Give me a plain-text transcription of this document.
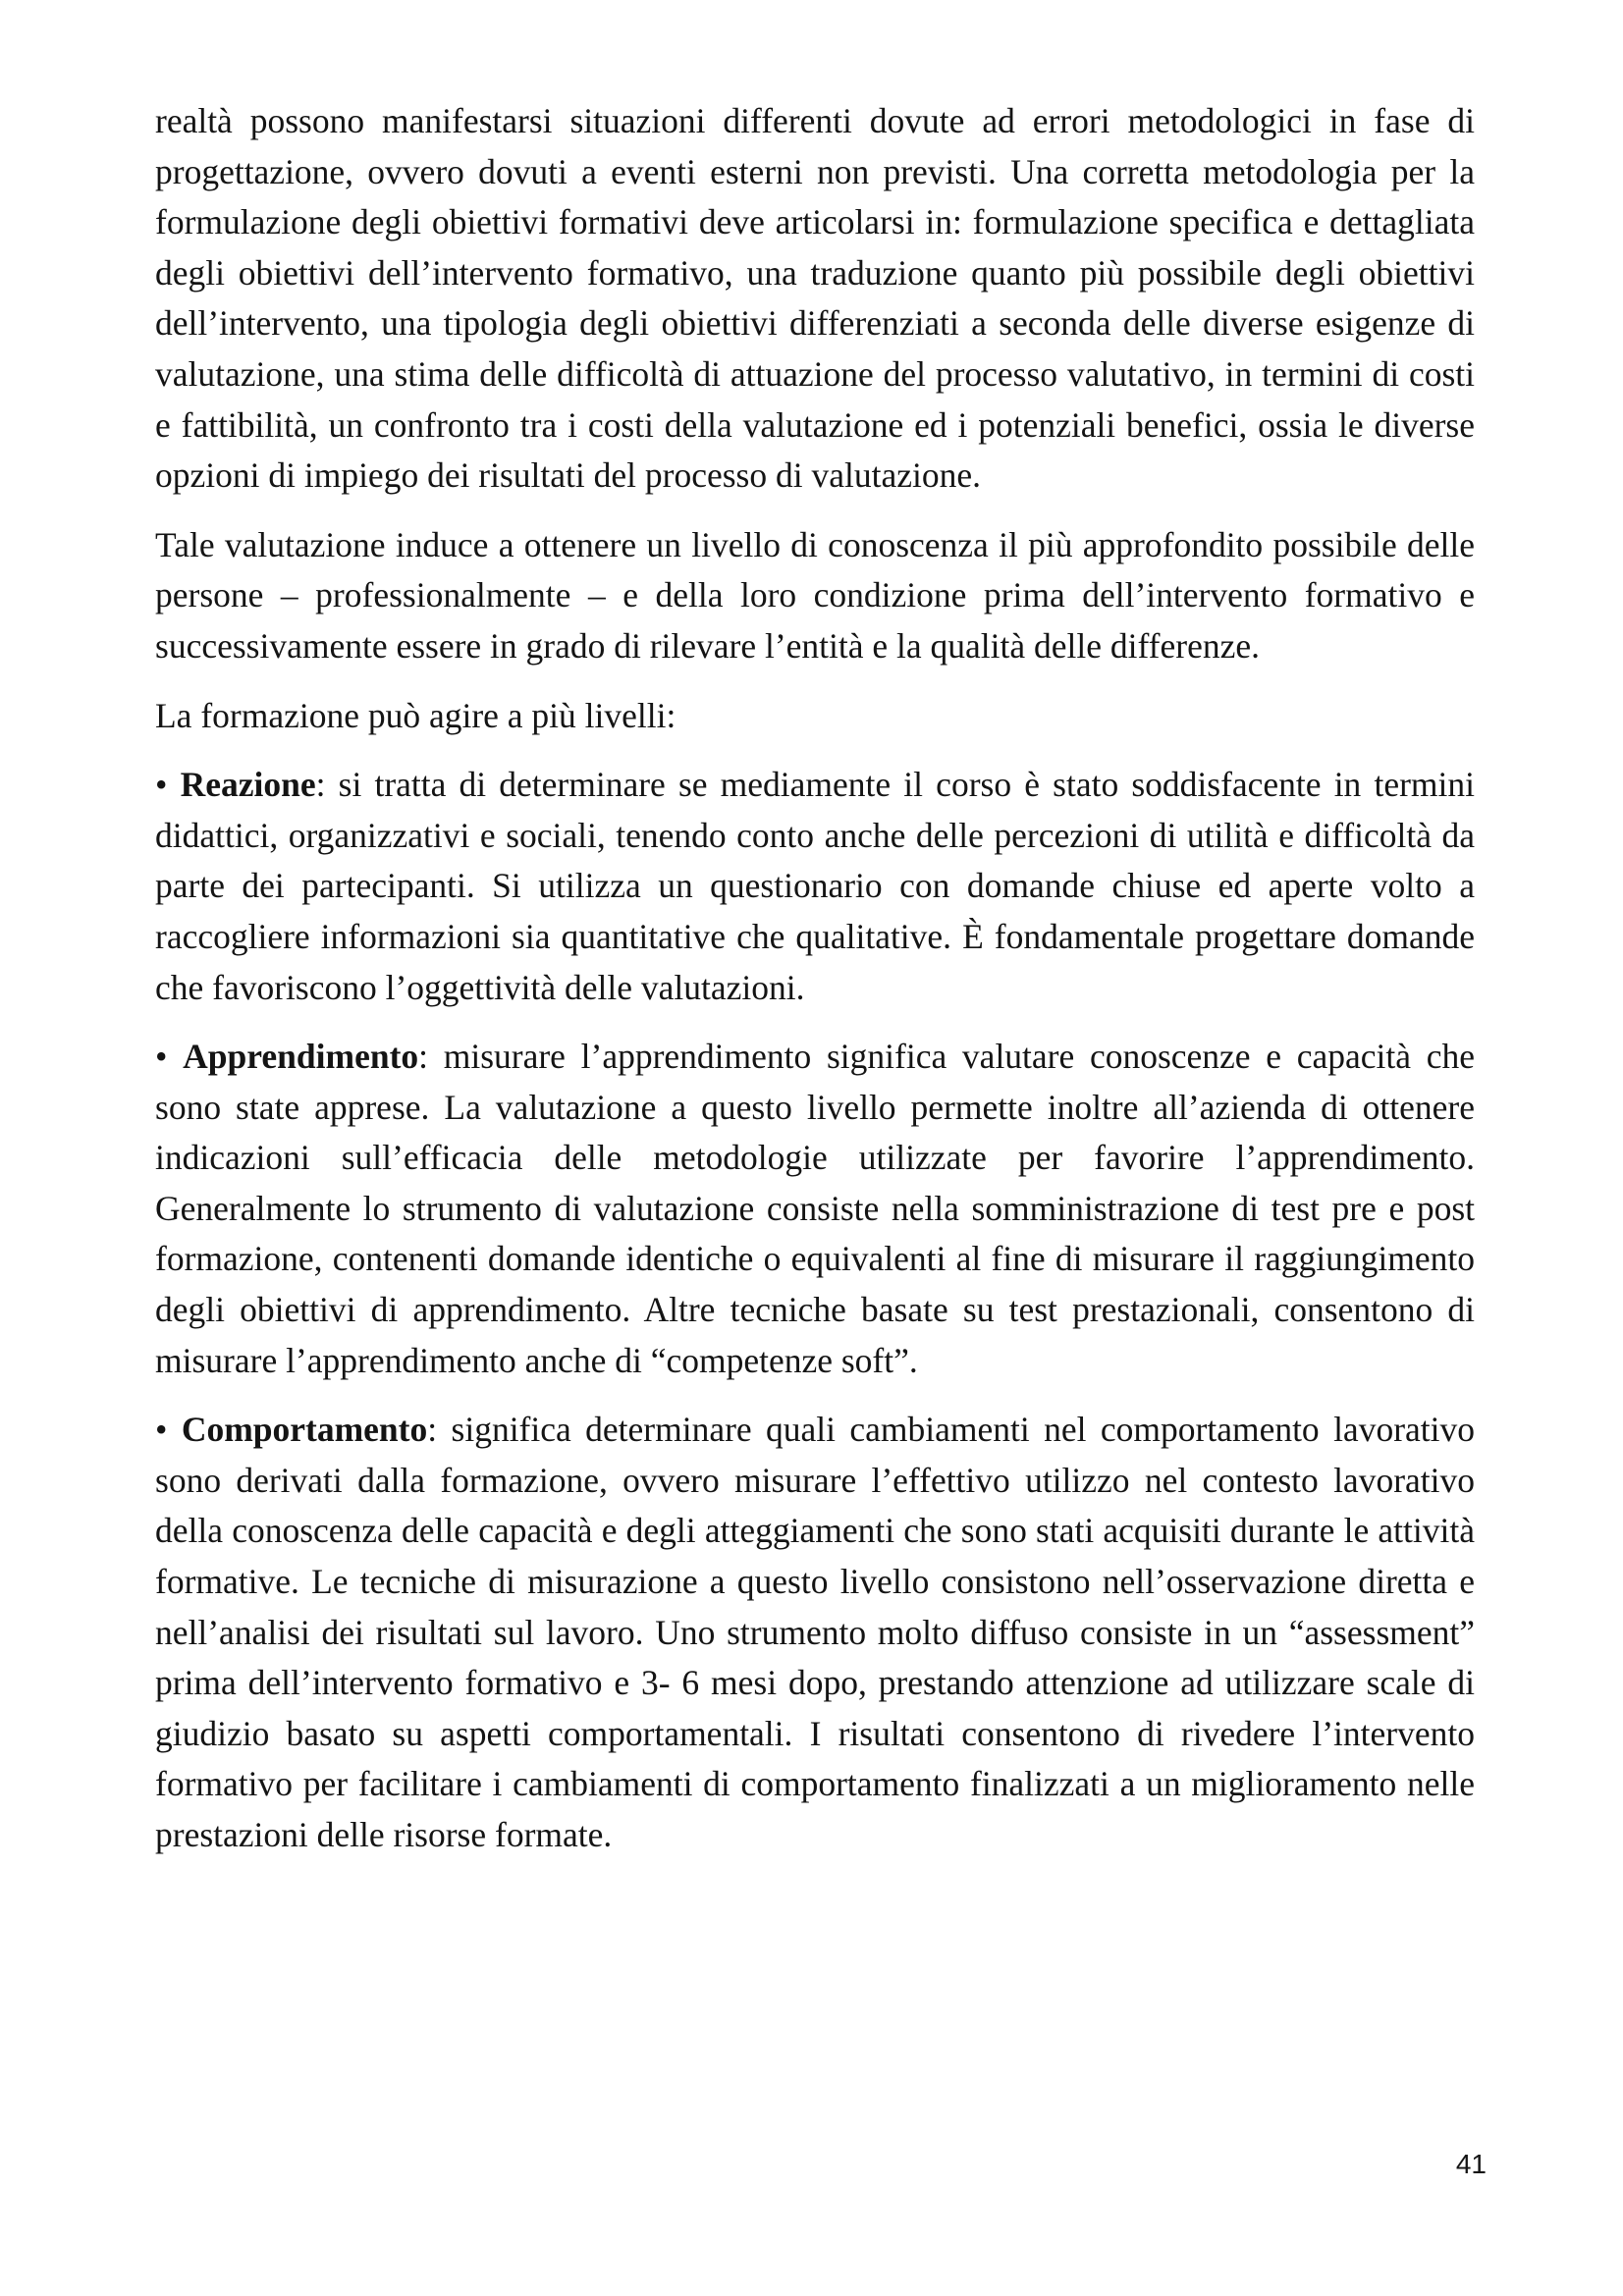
realtà possono manifestarsi situazioni differenti dovute ad errori metodologici in fase di progettazione, ovvero dovuti a eventi esterni non previsti. Una corretta metodologia per la formulazione degli obiettivi formativi deve articolarsi in: formulazione specifica e dettagliata degli obiettivi dell’intervento formativo, una traduzione quanto più possibile degli obiettivi dell’intervento, una tipologia degli obiettivi differenziati a seconda delle diverse esigenze di valutazione, una stima delle difficoltà di attuazione del processo valutativo, in termini di costi e fattibilità, un confronto tra i costi della valutazione ed i potenziali benefici, ossia le diverse opzioni di impiego dei risultati del processo di valutazione.

Tale valutazione induce a ottenere un livello di conoscenza il più approfondito possibile delle persone – professionalmente – e della loro condizione prima dell’intervento formativo e successivamente essere in grado di rilevare l’entità e la qualità delle differenze.

La formazione può agire a più livelli:

• Reazione: si tratta di determinare se mediamente il corso è stato soddisfacente in termini didattici, organizzativi e sociali, tenendo conto anche delle percezioni di utilità e difficoltà da parte dei partecipanti. Si utilizza un questionario con domande chiuse ed aperte volto a raccogliere informazioni sia quantitative che qualitative. È fondamentale progettare domande che favoriscono l’oggettività delle valutazioni.

• Apprendimento: misurare l’apprendimento significa valutare conoscenze e capacità che sono state apprese. La valutazione a questo livello permette inoltre all’azienda di ottenere indicazioni sull’efficacia delle metodologie utilizzate per favorire l’apprendimento. Generalmente lo strumento di valutazione consiste nella somministrazione di test pre e post formazione, contenenti domande identiche o equivalenti al fine di misurare il raggiungimento degli obiettivi di apprendimento. Altre tecniche basate su test prestazionali, consentono di misurare l’apprendimento anche di “competenze soft”.

• Comportamento: significa determinare quali cambiamenti nel comportamento lavorativo sono derivati dalla formazione, ovvero misurare l’effettivo utilizzo nel contesto lavorativo della conoscenza delle capacità e degli atteggiamenti che sono stati acquisiti durante le attività formative. Le tecniche di misurazione a questo livello consistono nell’osservazione diretta e nell’analisi dei risultati sul lavoro. Uno strumento molto diffuso consiste in un “assessment” prima dell’intervento formativo e 3- 6 mesi dopo, prestando attenzione ad utilizzare scale di giudizio basato su aspetti comportamentali. I risultati consentono di rivedere l’intervento formativo per facilitare i cambiamenti di comportamento finalizzati a un miglioramento nelle prestazioni delle risorse formate.

41
